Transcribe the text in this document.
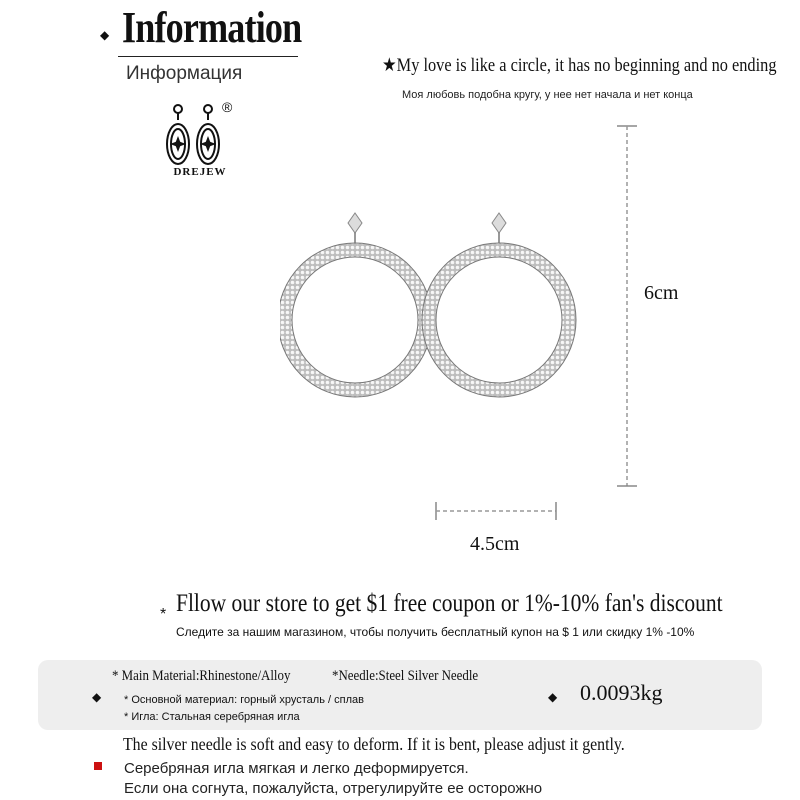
◆ Information
Информация
®
DREJEW
★My love is like a circle, it has no beginning and no ending
Моя любовь подобна кругу, у нее нет начала и нет конца
6cm
4.5cm
* Fllow our store to get $1 free coupon or 1%-10% fan's discount
Следите за нашим магазином, чтобы получить бесплатный купон на $ 1 или скидку 1% -10%
◆
* Main Material:Rhinestone/Alloy	*Needle:Steel Silver Needle
* Основной материал: горный хрусталь / сплав
* Игла: Стальная серебряная игла
◆ 0.0093kg
The silver needle is soft and easy to deform. If it is bent, please adjust it gently.
Серебряная игла мягкая и легко деформируется.
Если она согнута, пожалуйста, отрегулируйте ее осторожно
